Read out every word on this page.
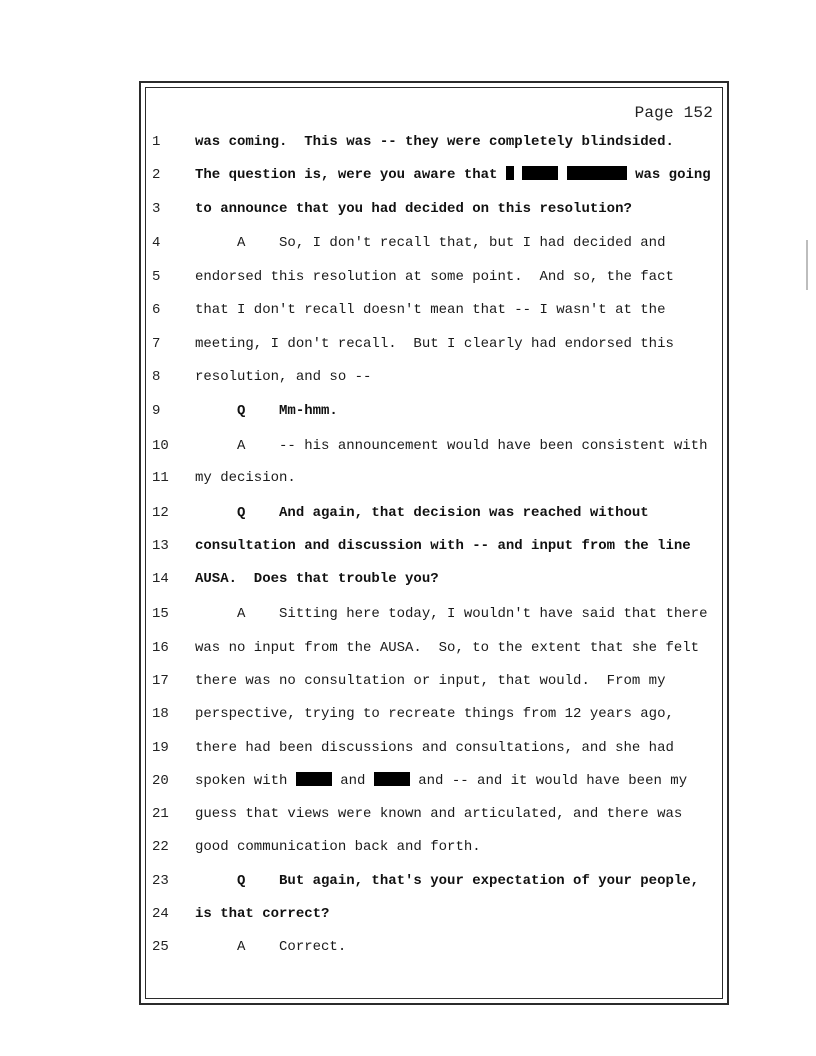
Page 152
1	was coming.  This was -- they were completely blindsided.
2	The question is, were you aware that	was going
3	to announce that you had decided on this resolution?
4	A    So, I don't recall that, but I had decided and
5	endorsed this resolution at some point.  And so, the fact
6	that I don't recall doesn't mean that -- I wasn't at the
7	meeting, I don't recall.  But I clearly had endorsed this
8	resolution, and so --
9	Q    Mm-hmm.
10	A    -- his announcement would have been consistent with
11	my decision.
12	Q    And again, that decision was reached without
13	consultation and discussion with -- and input from the line
14	AUSA.  Does that trouble you?
15	A    Sitting here today, I wouldn't have said that there
16	was no input from the AUSA.  So, to the extent that she felt
17	there was no consultation or input, that would.  From my
18	perspective, trying to recreate things from 12 years ago,
19	there had been discussions and consultations, and she had
20	spoken with	and	and -- and it would have been my
21	guess that views were known and articulated, and there was
22	good communication back and forth.
23	Q    But again, that's your expectation of your people,
24	is that correct?
25	A    Correct.
